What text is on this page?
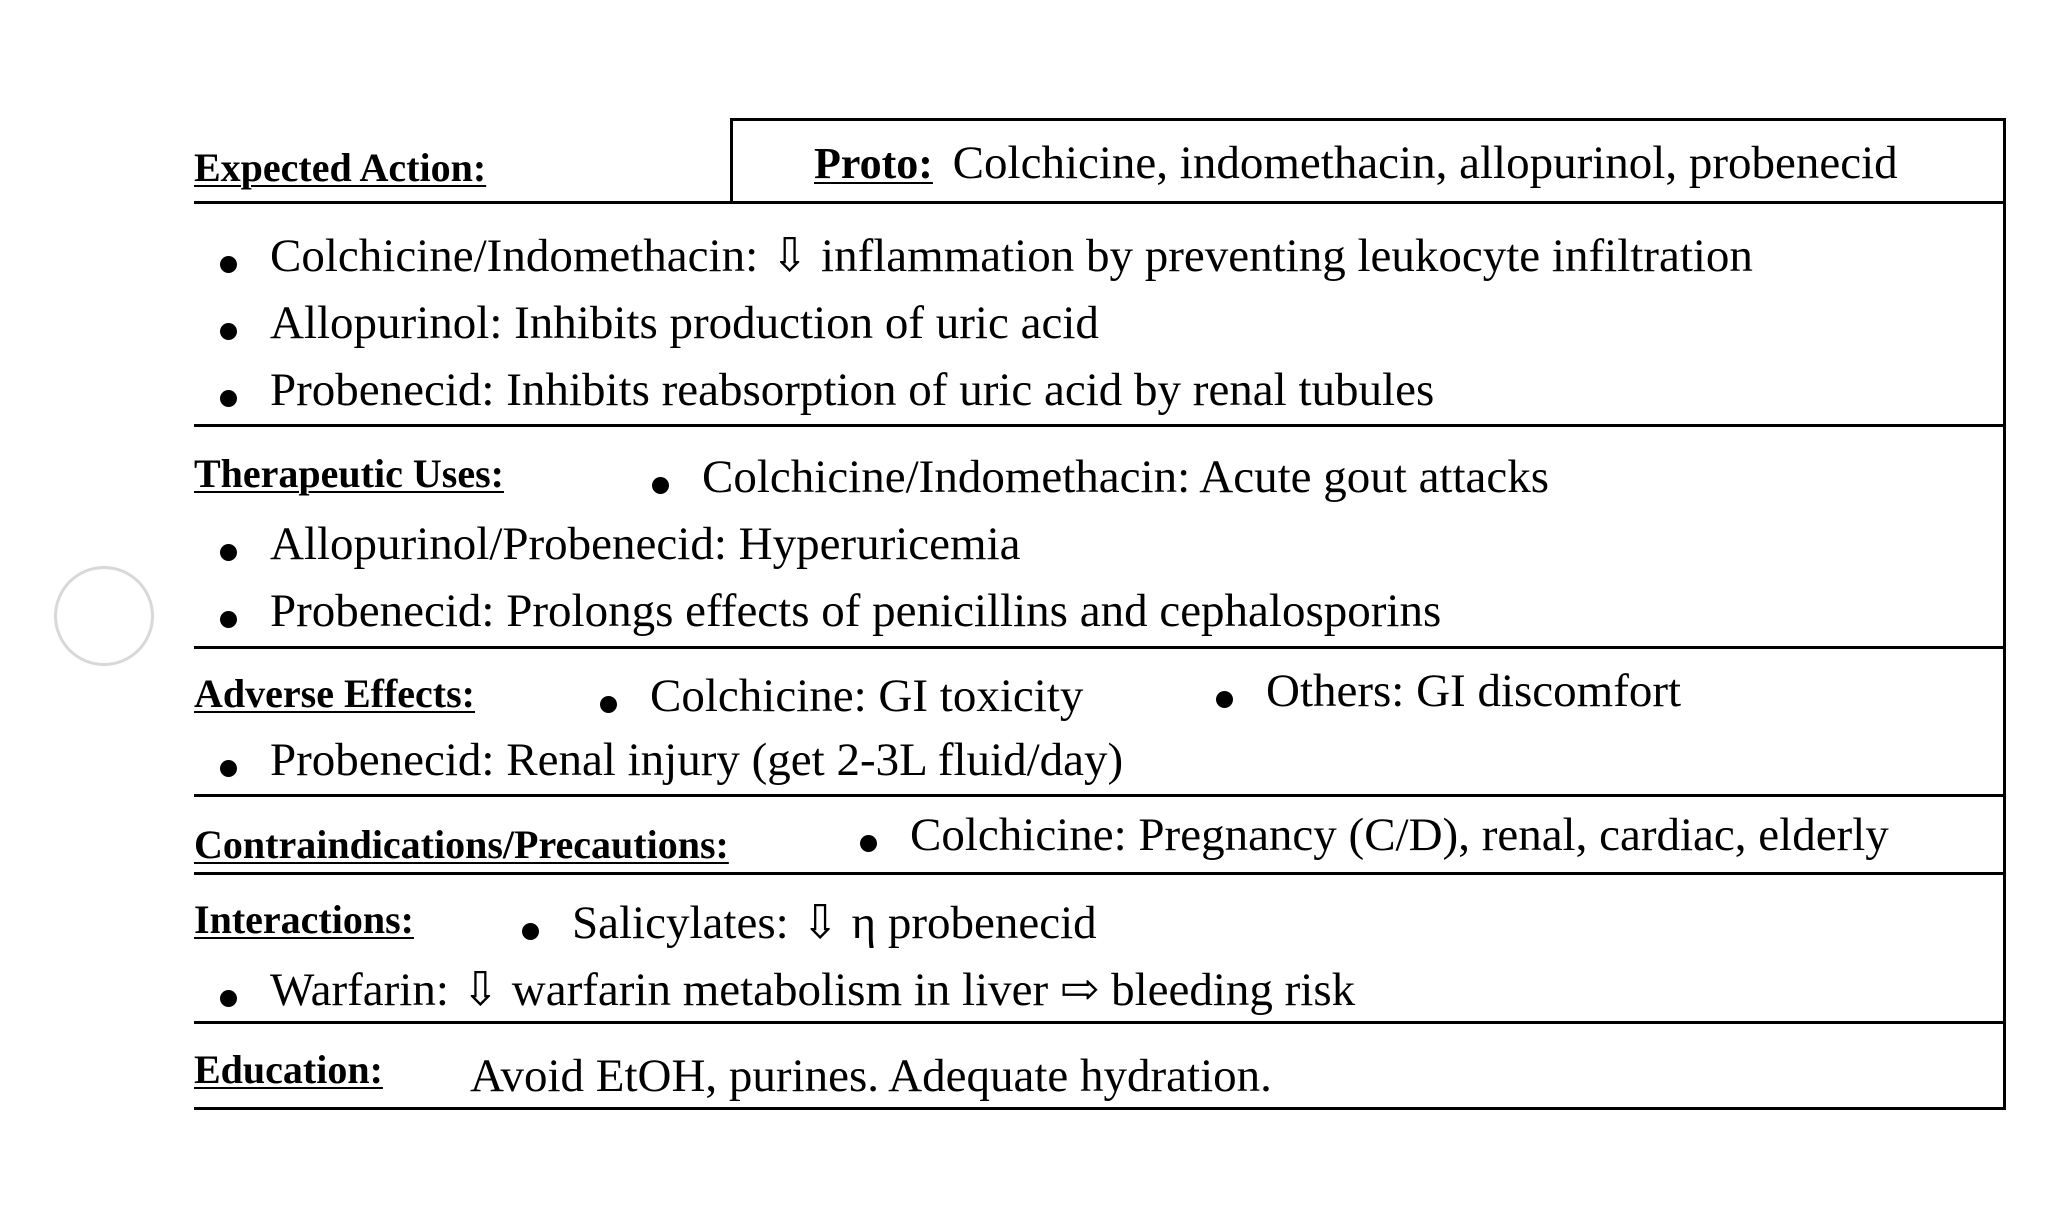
Proto: Colchicine, indomethacin, allopurinol, probenecid
Expected Action:
Colchicine/Indomethacin: ⇩ inflammation by preventing leukocyte infiltration
Allopurinol: Inhibits production of uric acid
Probenecid: Inhibits reabsorption of uric acid by renal tubules
Therapeutic Uses:	Colchicine/Indomethacin: Acute gout attacks
Allopurinol/Probenecid: Hyperuricemia
Probenecid: Prolongs effects of penicillins and cephalosporins
Adverse Effects:	Colchicine: GI toxicity	Others: GI discomfort
Probenecid: Renal injury (get 2-3L fluid/day)
Contraindications/Precautions:	Colchicine: Pregnancy (C/D), renal, cardiac, elderly
Interactions:	Salicylates: ⇩ η probenecid
Warfarin: ⇩ warfarin metabolism in liver ⇨ bleeding risk
Education: Avoid EtOH, purines. Adequate hydration.
